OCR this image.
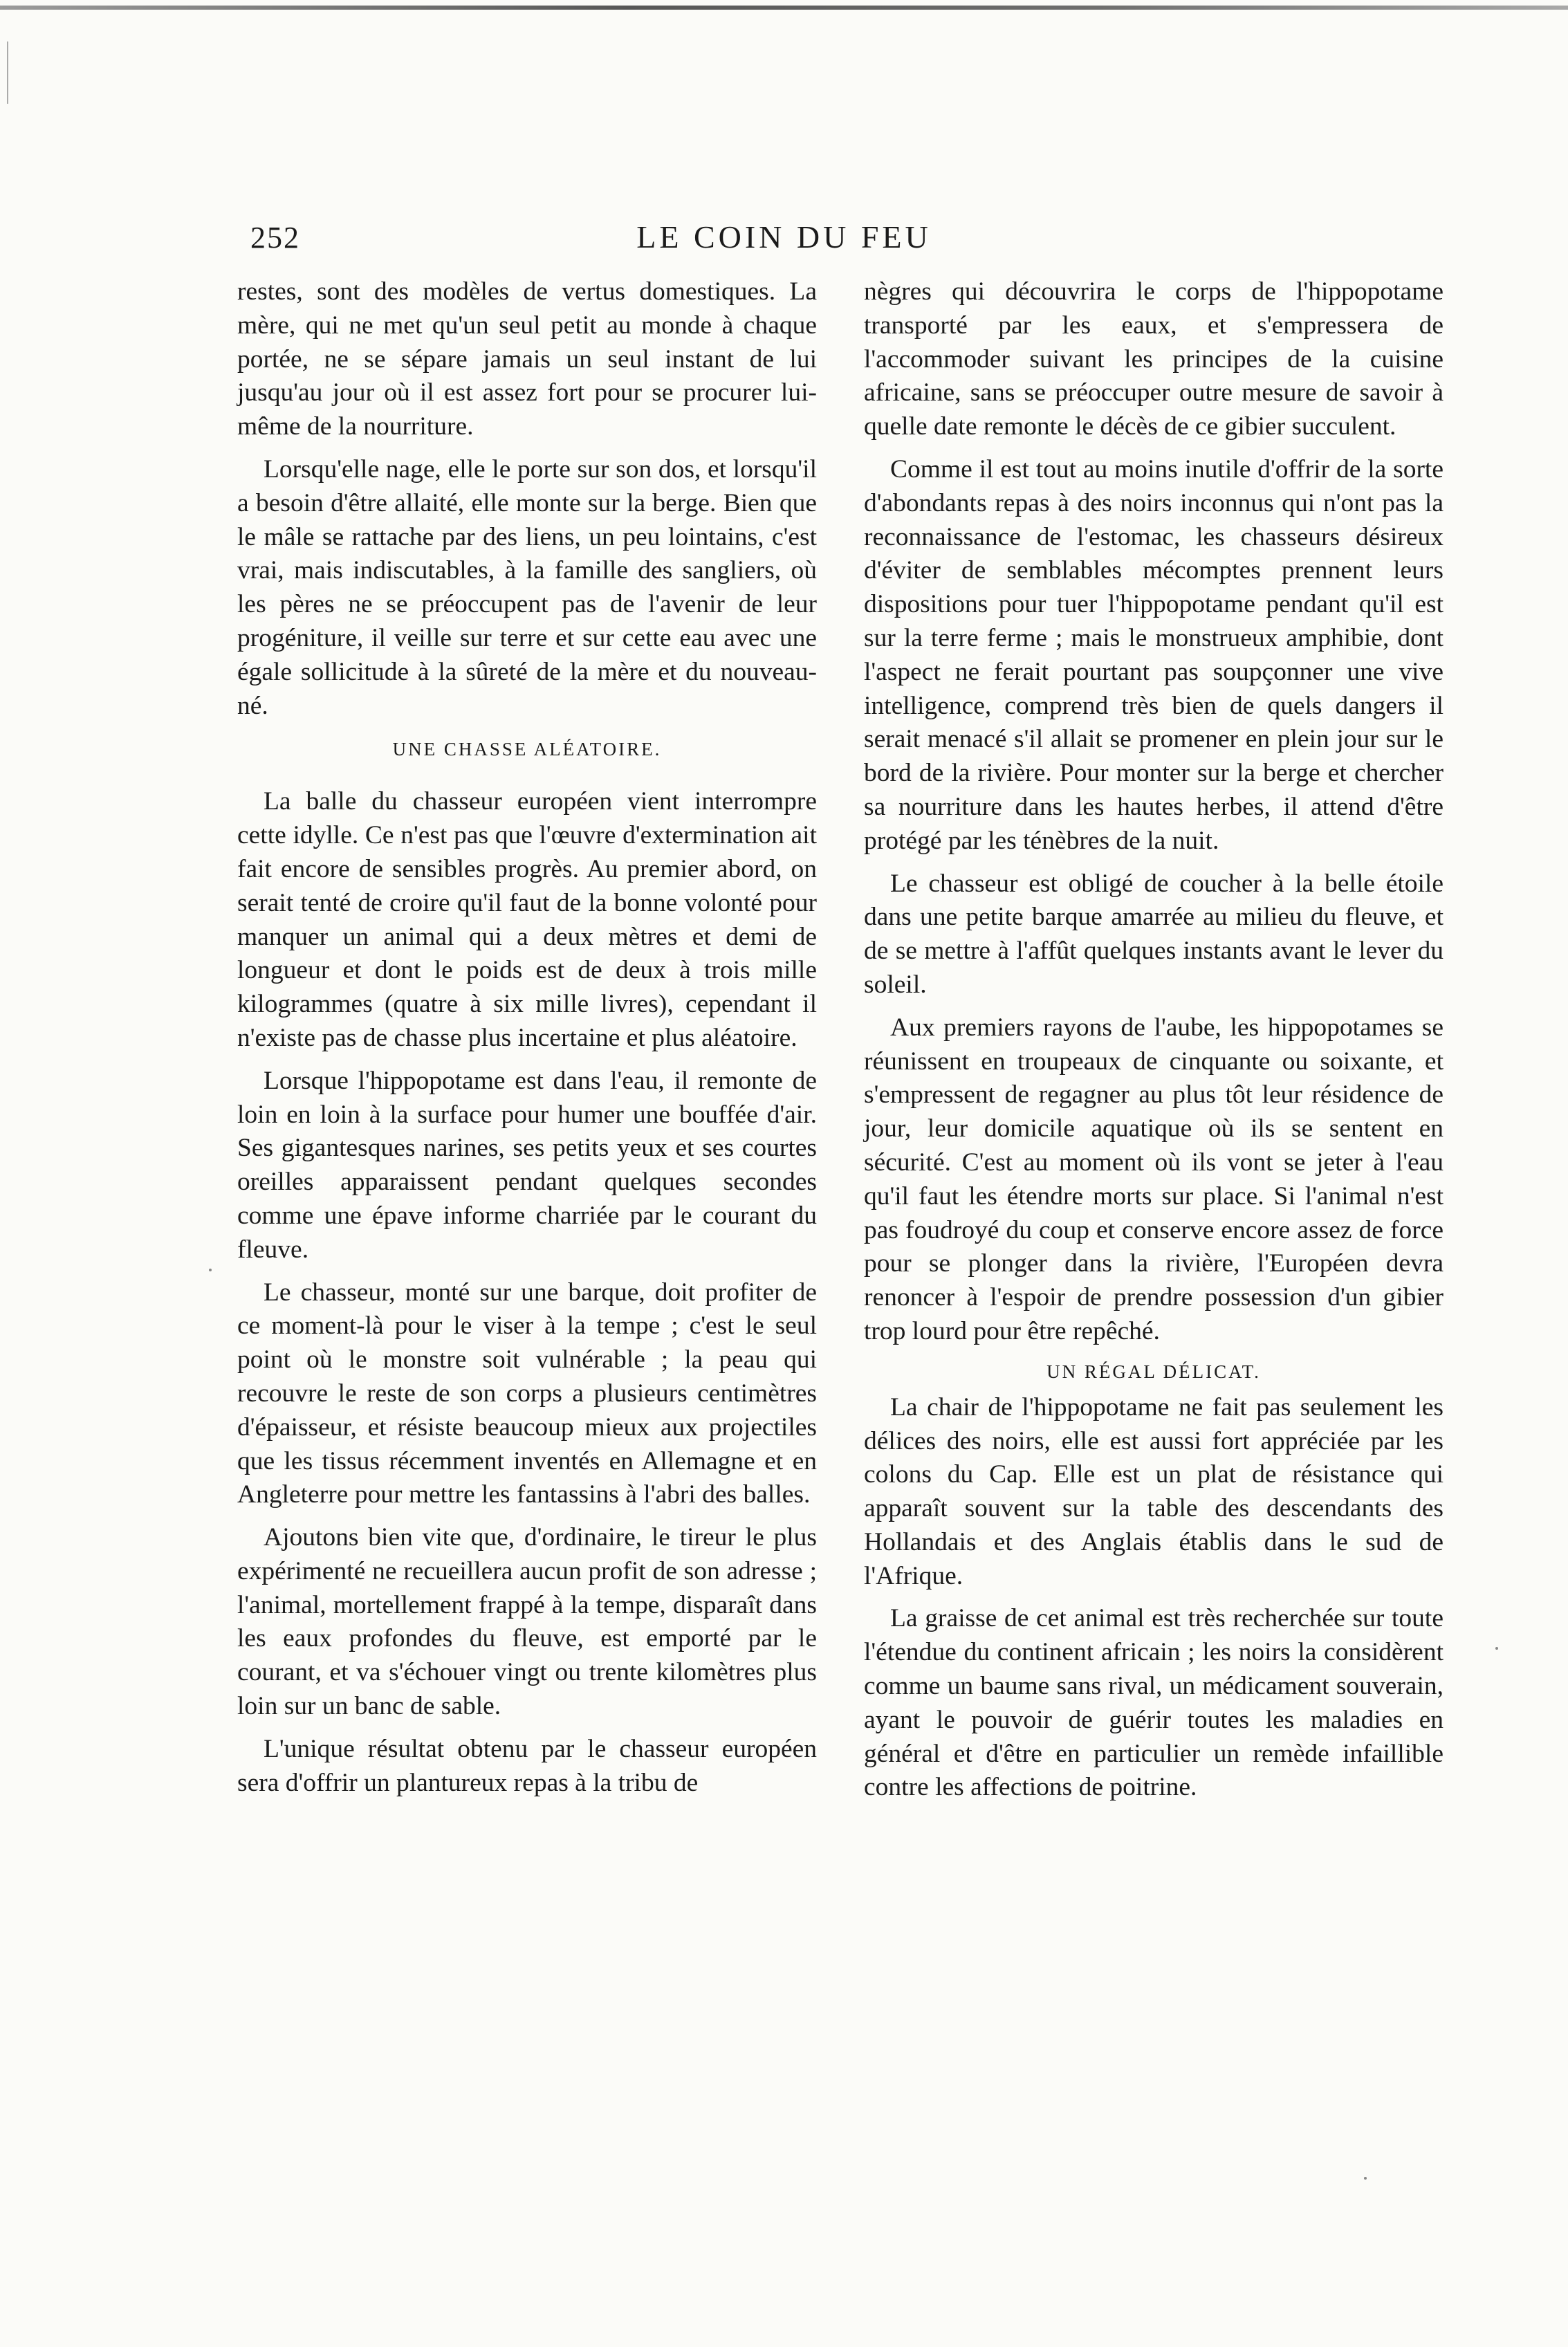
252	LE COIN DU FEU

restes, sont des modèles de vertus domestiques. La mère, qui ne met qu'un seul petit au monde à chaque portée, ne se sépare jamais un seul instant de lui jusqu'au jour où il est assez fort pour se procurer lui-même de la nourriture.

Lorsqu'elle nage, elle le porte sur son dos, et lorsqu'il a besoin d'être allaité, elle monte sur la berge. Bien que le mâle se rattache par des liens, un peu lointains, c'est vrai, mais indiscutables, à la famille des sangliers, où les pères ne se préoccupent pas de l'avenir de leur progéniture, il veille sur terre et sur cette eau avec une égale sollicitude à la sûreté de la mère et du nouveau-né.

UNE CHASSE ALÉATOIRE.

La balle du chasseur européen vient interrompre cette idylle. Ce n'est pas que l'œuvre d'extermination ait fait encore de sensibles progrès. Au premier abord, on serait tenté de croire qu'il faut de la bonne volonté pour manquer un animal qui a deux mètres et demi de longueur et dont le poids est de deux à trois mille kilogrammes (quatre à six mille livres), cependant il n'existe pas de chasse plus incertaine et plus aléatoire.

Lorsque l'hippopotame est dans l'eau, il remonte de loin en loin à la surface pour humer une bouffée d'air. Ses gigantesques narines, ses petits yeux et ses courtes oreilles apparaissent pendant quelques secondes comme une épave informe charriée par le courant du fleuve.

Le chasseur, monté sur une barque, doit profiter de ce moment-là pour le viser à la tempe ; c'est le seul point où le monstre soit vulnérable ; la peau qui recouvre le reste de son corps a plusieurs centimètres d'épaisseur, et résiste beaucoup mieux aux projectiles que les tissus récemment inventés en Allemagne et en Angleterre pour mettre les fantassins à l'abri des balles.

Ajoutons bien vite que, d'ordinaire, le tireur le plus expérimenté ne recueillera aucun profit de son adresse ; l'animal, mortellement frappé à la tempe, disparaît dans les eaux profondes du fleuve, est emporté par le courant, et va s'échouer vingt ou trente kilomètres plus loin sur un banc de sable.

L'unique résultat obtenu par le chasseur européen sera d'offrir un plantureux repas à la tribu de

nègres qui découvrira le corps de l'hippopotame transporté par les eaux, et s'empressera de l'accommoder suivant les principes de la cuisine africaine, sans se préoccuper outre mesure de savoir à quelle date remonte le décès de ce gibier succulent.

Comme il est tout au moins inutile d'offrir de la sorte d'abondants repas à des noirs inconnus qui n'ont pas la reconnaissance de l'estomac, les chasseurs désireux d'éviter de semblables mécomptes prennent leurs dispositions pour tuer l'hippopotame pendant qu'il est sur la terre ferme ; mais le monstrueux amphibie, dont l'aspect ne ferait pourtant pas soupçonner une vive intelligence, comprend très bien de quels dangers il serait menacé s'il allait se promener en plein jour sur le bord de la rivière. Pour monter sur la berge et chercher sa nourriture dans les hautes herbes, il attend d'être protégé par les ténèbres de la nuit.

Le chasseur est obligé de coucher à la belle étoile dans une petite barque amarrée au milieu du fleuve, et de se mettre à l'affût quelques instants avant le lever du soleil.

Aux premiers rayons de l'aube, les hippopotames se réunissent en troupeaux de cinquante ou soixante, et s'empressent de regagner au plus tôt leur résidence de jour, leur domicile aquatique où ils se sentent en sécurité. C'est au moment où ils vont se jeter à l'eau qu'il faut les étendre morts sur place. Si l'animal n'est pas foudroyé du coup et conserve encore assez de force pour se plonger dans la rivière, l'Européen devra renoncer à l'espoir de prendre possession d'un gibier trop lourd pour être repêché.

UN RÉGAL DÉLICAT.

La chair de l'hippopotame ne fait pas seulement les délices des noirs, elle est aussi fort appréciée par les colons du Cap. Elle est un plat de résistance qui apparaît souvent sur la table des descendants des Hollandais et des Anglais établis dans le sud de l'Afrique.

La graisse de cet animal est très recherchée sur toute l'étendue du continent africain ; les noirs la considèrent comme un baume sans rival, un médicament souverain, ayant le pouvoir de guérir toutes les maladies en général et d'être en particulier un remède infaillible contre les affections de poitrine.
